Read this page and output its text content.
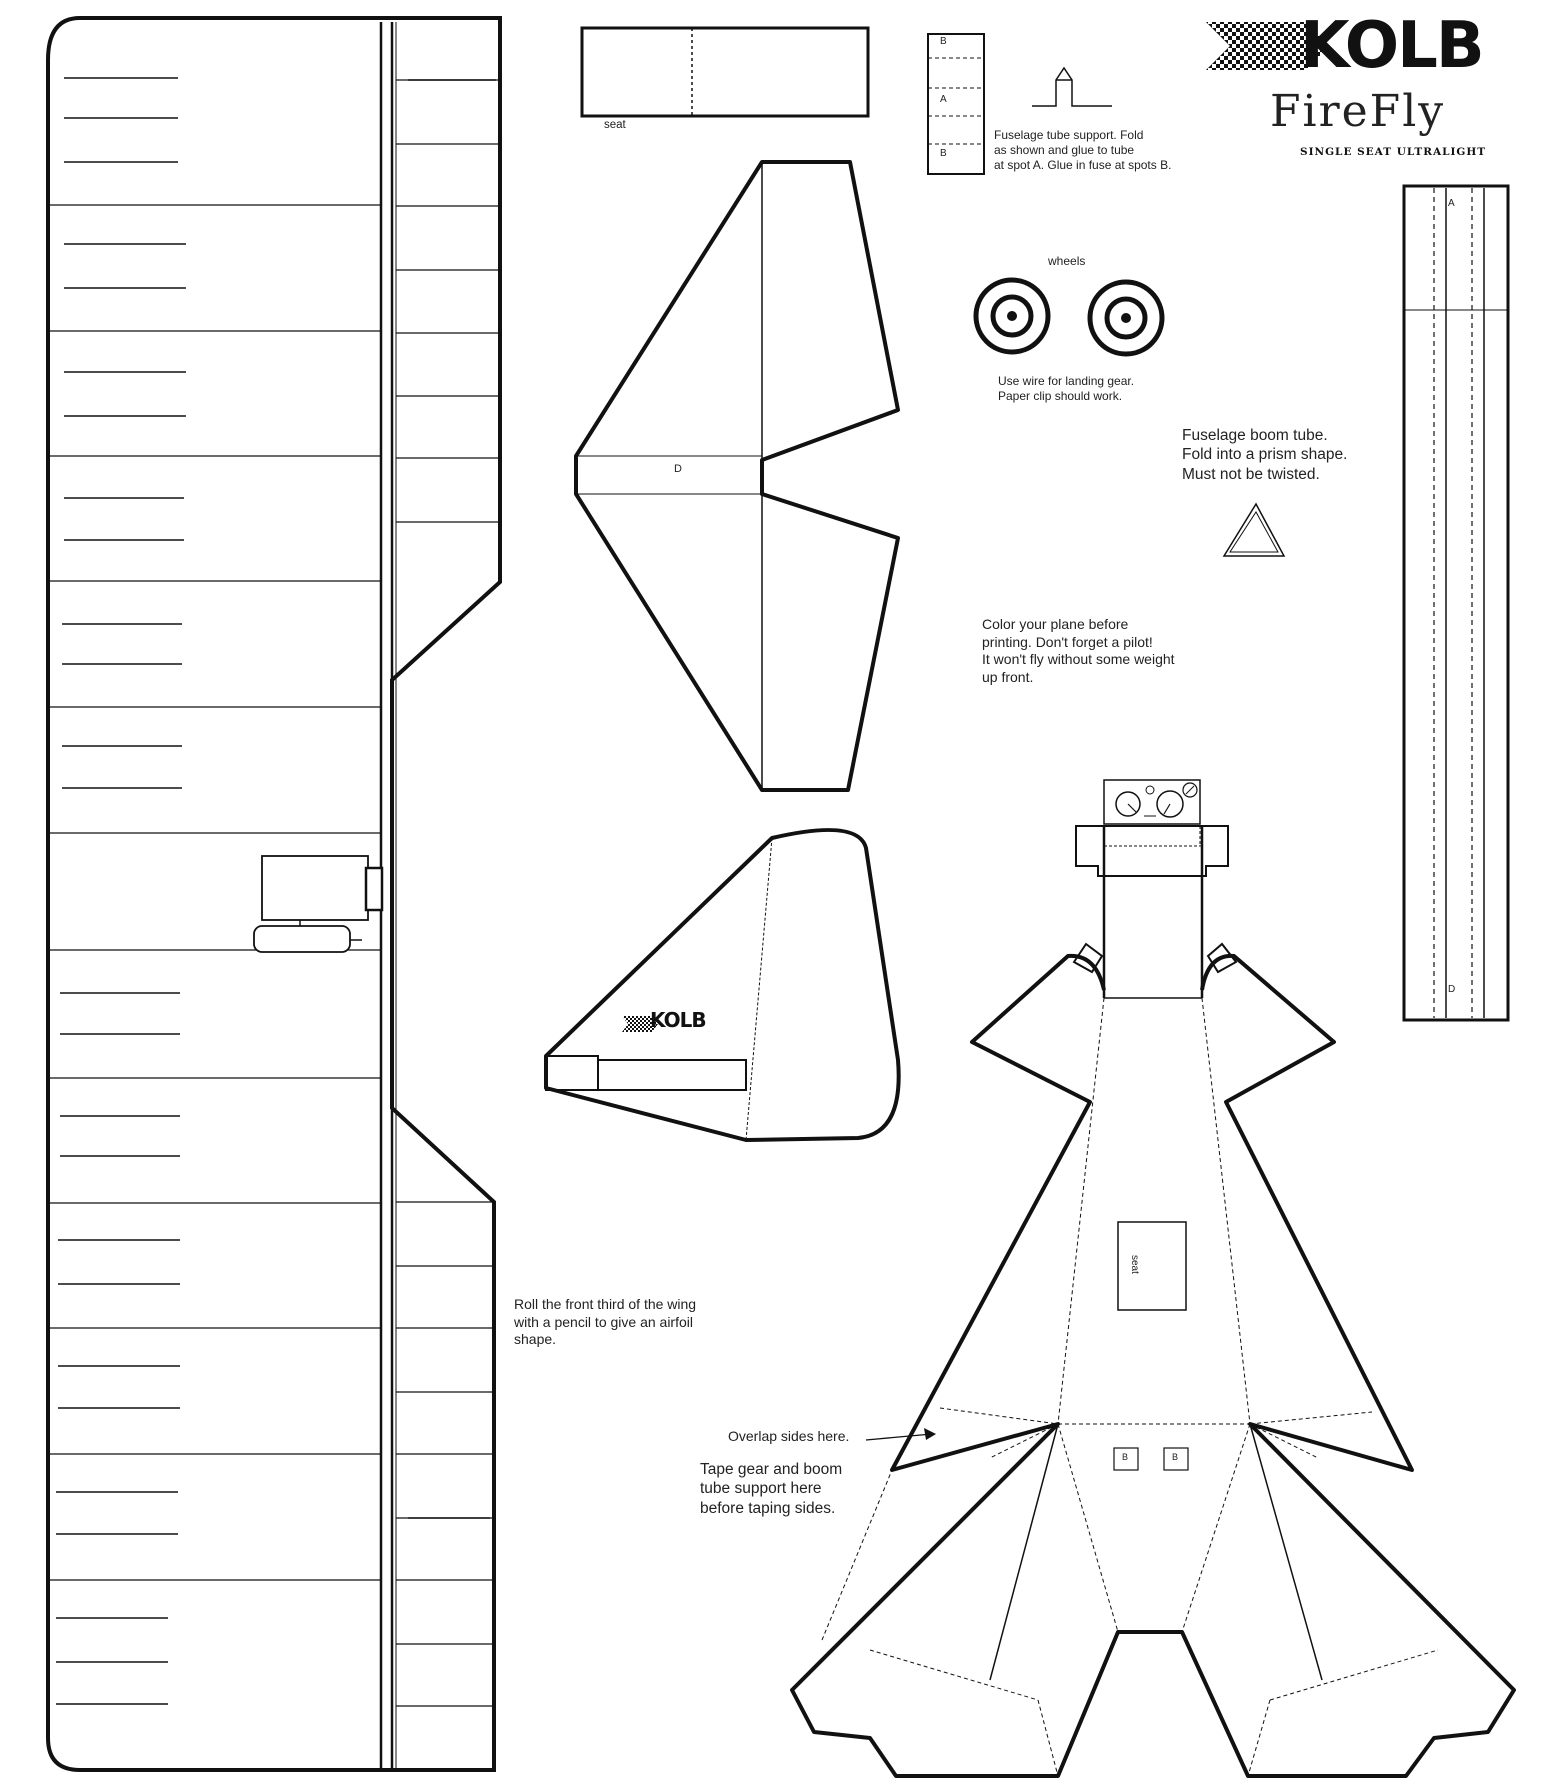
KOLB
FireFly
SINGLE SEAT ULTRALIGHT
KOLB
seat
B
A
B
D
A
D
wheels
seat
B	B
Fuselage tube support. Fold
as shown and glue to tube
at spot A. Glue in fuse at spots B.
Use wire for landing gear.
Paper clip should work.
Fuselage boom tube.
Fold into a prism shape.
Must not be twisted.
Color your plane before
printing. Don't forget a pilot!
It won't fly without some weight
up front.
Roll the front third of the wing
with a pencil to give an airfoil
shape.
Overlap sides here.
Tape gear and boom
tube support here
before taping sides.
